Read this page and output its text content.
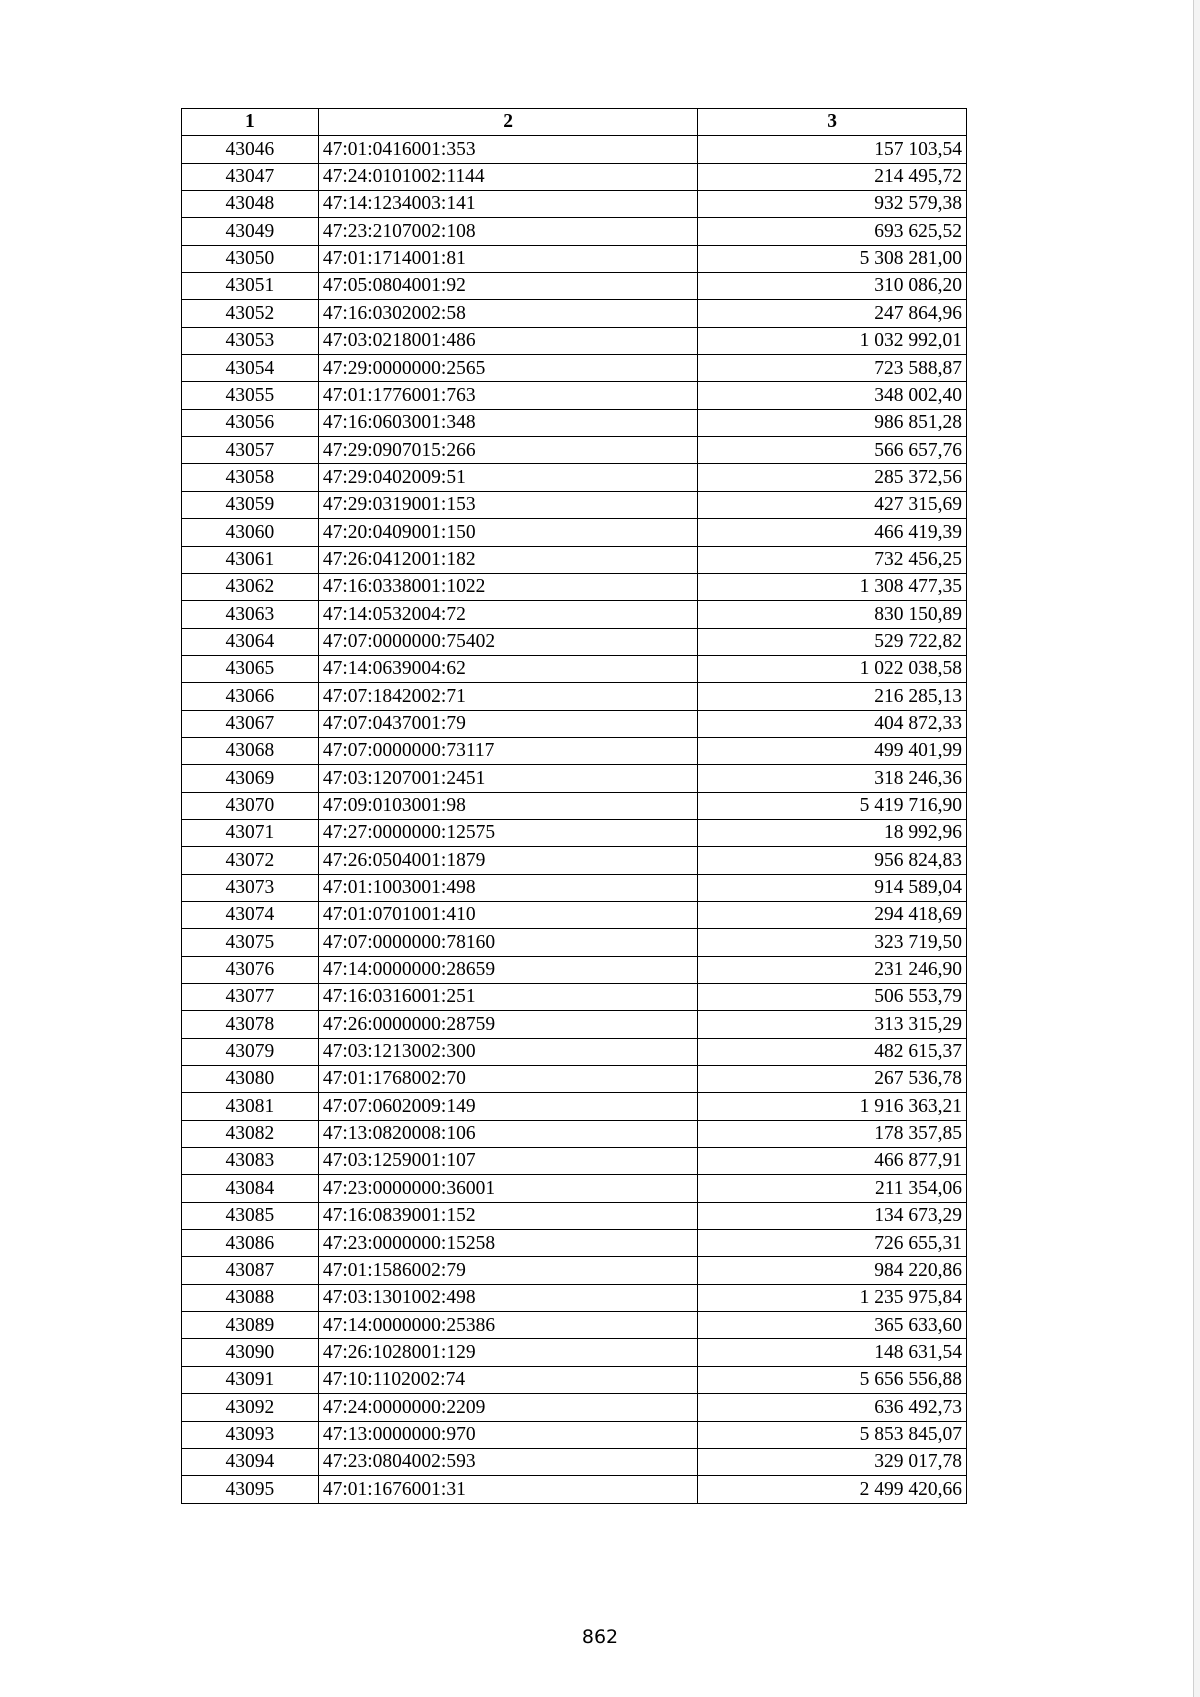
1	2	3
43046	47:01:0416001:353	157 103,54
43047	47:24:0101002:1144	214 495,72
43048	47:14:1234003:141	932 579,38
43049	47:23:2107002:108	693 625,52
43050	47:01:1714001:81	5 308 281,00
43051	47:05:0804001:92	310 086,20
43052	47:16:0302002:58	247 864,96
43053	47:03:0218001:486	1 032 992,01
43054	47:29:0000000:2565	723 588,87
43055	47:01:1776001:763	348 002,40
43056	47:16:0603001:348	986 851,28
43057	47:29:0907015:266	566 657,76
43058	47:29:0402009:51	285 372,56
43059	47:29:0319001:153	427 315,69
43060	47:20:0409001:150	466 419,39
43061	47:26:0412001:182	732 456,25
43062	47:16:0338001:1022	1 308 477,35
43063	47:14:0532004:72	830 150,89
43064	47:07:0000000:75402	529 722,82
43065	47:14:0639004:62	1 022 038,58
43066	47:07:1842002:71	216 285,13
43067	47:07:0437001:79	404 872,33
43068	47:07:0000000:73117	499 401,99
43069	47:03:1207001:2451	318 246,36
43070	47:09:0103001:98	5 419 716,90
43071	47:27:0000000:12575	18 992,96
43072	47:26:0504001:1879	956 824,83
43073	47:01:1003001:498	914 589,04
43074	47:01:0701001:410	294 418,69
43075	47:07:0000000:78160	323 719,50
43076	47:14:0000000:28659	231 246,90
43077	47:16:0316001:251	506 553,79
43078	47:26:0000000:28759	313 315,29
43079	47:03:1213002:300	482 615,37
43080	47:01:1768002:70	267 536,78
43081	47:07:0602009:149	1 916 363,21
43082	47:13:0820008:106	178 357,85
43083	47:03:1259001:107	466 877,91
43084	47:23:0000000:36001	211 354,06
43085	47:16:0839001:152	134 673,29
43086	47:23:0000000:15258	726 655,31
43087	47:01:1586002:79	984 220,86
43088	47:03:1301002:498	1 235 975,84
43089	47:14:0000000:25386	365 633,60
43090	47:26:1028001:129	148 631,54
43091	47:10:1102002:74	5 656 556,88
43092	47:24:0000000:2209	636 492,73
43093	47:13:0000000:970	5 853 845,07
43094	47:23:0804002:593	329 017,78
43095	47:01:1676001:31	2 499 420,66
862
